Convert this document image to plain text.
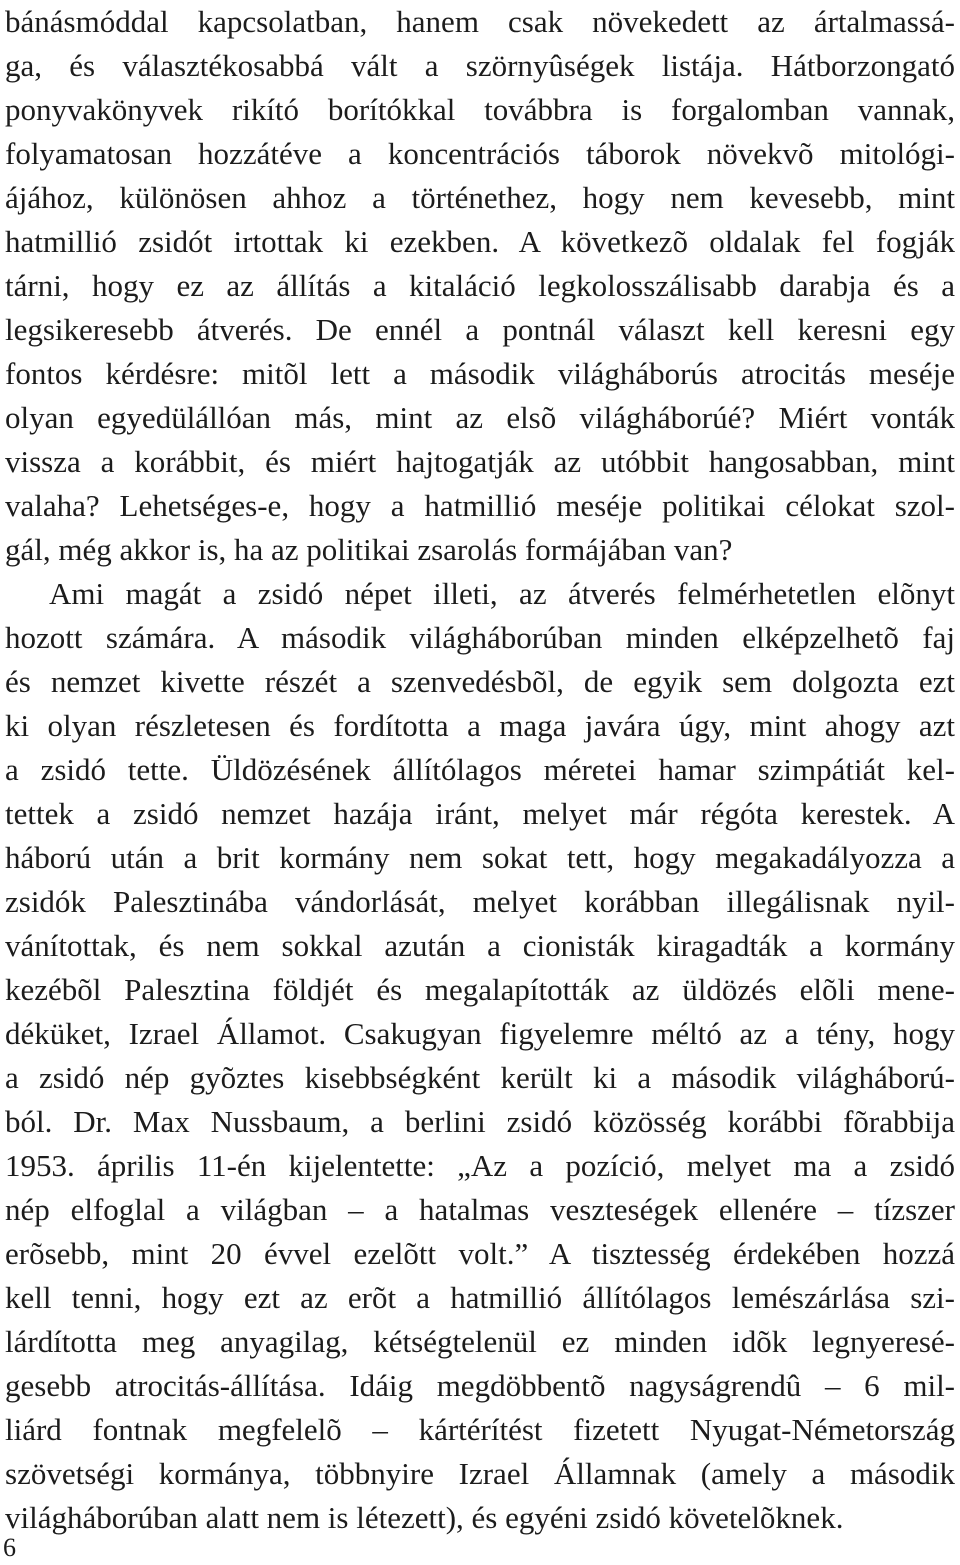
bánásmóddal kapcsolatban, hanem csak növekedett az ártalmassá-
ga, és választékosabbá vált a szörnyûségek listája. Hátborzongató
ponyvakönyvek rikító borítókkal továbbra is forgalomban vannak,
folyamatosan hozzátéve a koncentrációs táborok növekvõ mitológi-
ájához, különösen ahhoz a történethez, hogy nem kevesebb, mint
hatmillió zsidót irtottak ki ezekben. A következõ oldalak fel fogják
tárni, hogy ez az állítás a kitaláció legkolosszálisabb darabja és a
legsikeresebb átverés. De ennél a pontnál választ kell keresni egy
fontos kérdésre: mitõl lett a második világháborús atrocitás meséje
olyan egyedülállóan más, mint az elsõ világháborúé? Miért vonták
vissza a korábbit, és miért hajtogatják az utóbbit hangosabban, mint
valaha? Lehetséges-e, hogy a hatmillió meséje politikai célokat szol-
gál, még akkor is, ha az politikai zsarolás formájában van?
Ami magát a zsidó népet illeti, az átverés felmérhetetlen elõnyt
hozott számára. A második világháborúban minden elképzelhetõ faj
és nemzet kivette részét a szenvedésbõl, de egyik sem dolgozta ezt
ki olyan részletesen és fordította a maga javára úgy, mint ahogy azt
a zsidó tette. Üldözésének állítólagos méretei hamar szimpátiát kel-
tettek a zsidó nemzet hazája iránt, melyet már régóta kerestek. A
háború után a brit kormány nem sokat tett, hogy megakadályozza a
zsidók Palesztinába vándorlását, melyet korábban illegálisnak nyil-
vánítottak, és nem sokkal azután a cionisták kiragadták a kormány
kezébõl Palesztina földjét és megalapították az üldözés elõli mene-
déküket, Izrael Államot. Csakugyan figyelemre méltó az a tény, hogy
a zsidó nép gyõztes kisebbségként került ki a második világháború-
ból. Dr. Max Nussbaum, a berlini zsidó közösség korábbi fõrabbija
1953. április 11-én kijelentette: „Az a pozíció, melyet ma a zsidó
nép elfoglal a világban – a hatalmas veszteségek ellenére – tízszer
erõsebb, mint 20 évvel ezelõtt volt.” A tisztesség érdekében hozzá
kell tenni, hogy ezt az erõt a hatmillió állítólagos lemészárlása szi-
lárdította meg anyagilag, kétségtelenül ez minden idõk legnyeresé-
gesebb atrocitás-állítása. Idáig megdöbbentõ nagyságrendû – 6 mil-
liárd fontnak megfelelõ – kártérítést fizetett Nyugat-Németország
szövetségi kormánya, többnyire Izrael Államnak (amely a második
világháborúban alatt nem is létezett), és egyéni zsidó követelõknek.
6
